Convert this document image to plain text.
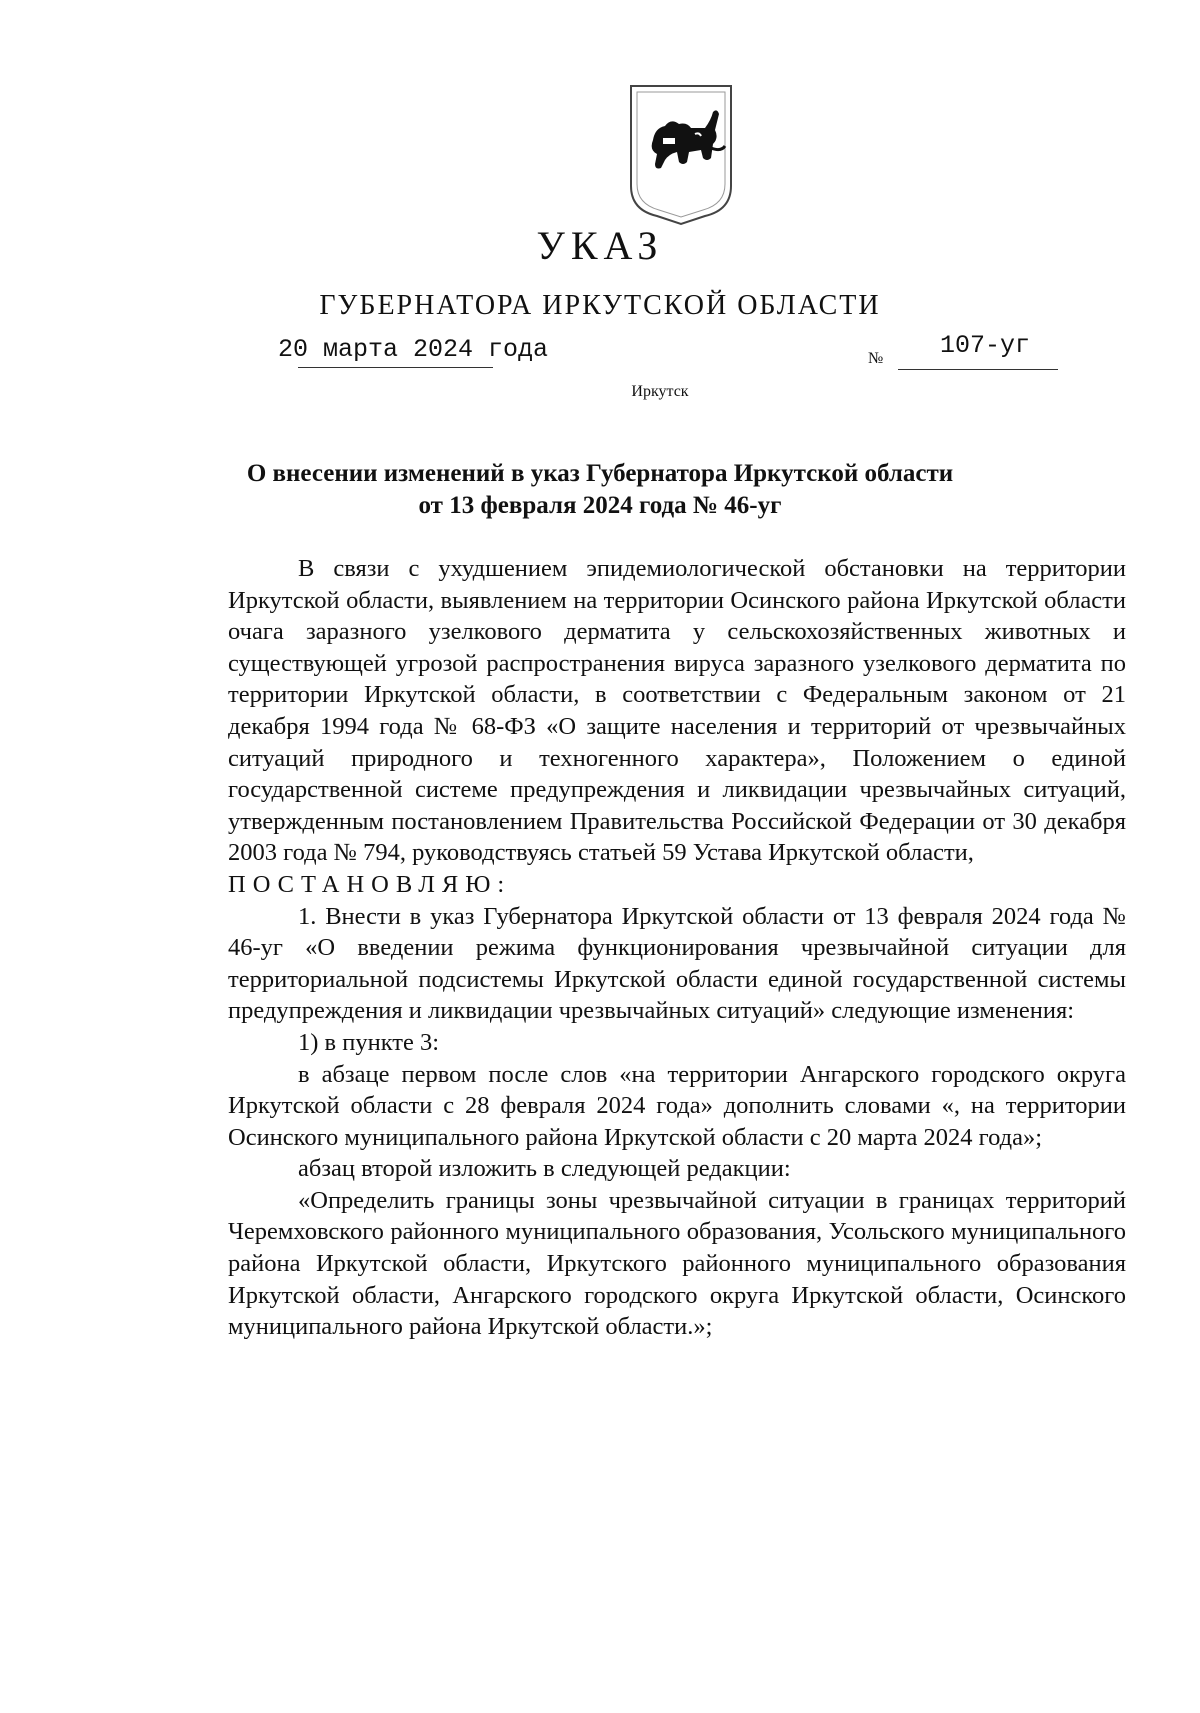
УКАЗ
ГУБЕРНАТОРА ИРКУТСКОЙ ОБЛАСТИ
20 марта 2024 года	№ 107-уг
Иркутск
О внесении изменений в указ Губернатора Иркутской области
от 13 февраля 2024 года № 46-уг

В связи с ухудшением эпидемиологической обстановки на территории Иркутской области, выявлением на территории Осинского района Иркутской области очага заразного узелкового дерматита у сельскохозяйственных животных и существующей угрозой распространения вируса заразного узелкового дерматита по территории Иркутской области, в соответствии с Федеральным законом от 21 декабря 1994 года № 68-ФЗ «О защите населения и территорий от чрезвычайных ситуаций природного и техногенного характера», Положением о единой государственной системе предупреждения и ликвидации чрезвычайных ситуаций, утвержденным постановлением Правительства Российской Федерации от 30 декабря 2003 года № 794, руководствуясь статьей 59 Устава Иркутской области,

ПОСТАНОВЛЯЮ:

1. Внести в указ Губернатора Иркутской области от 13 февраля 2024 года № 46-уг «О введении режима функционирования чрезвычайной ситуации для территориальной подсистемы Иркутской области единой государственной системы предупреждения и ликвидации чрезвычайных ситуаций» следующие изменения:

1) в пункте 3:

в абзаце первом после слов «на территории Ангарского городского округа Иркутской области с 28 февраля 2024 года» дополнить словами «, на территории Осинского муниципального района Иркутской области с 20 марта 2024 года»;

абзац второй изложить в следующей редакции:

«Определить границы зоны чрезвычайной ситуации в границах территорий Черемховского районного муниципального образования, Усольского муниципального района Иркутской области, Иркутского районного муниципального образования Иркутской области, Ангарского городского округа Иркутской области, Осинского муниципального района Иркутской области.»;
